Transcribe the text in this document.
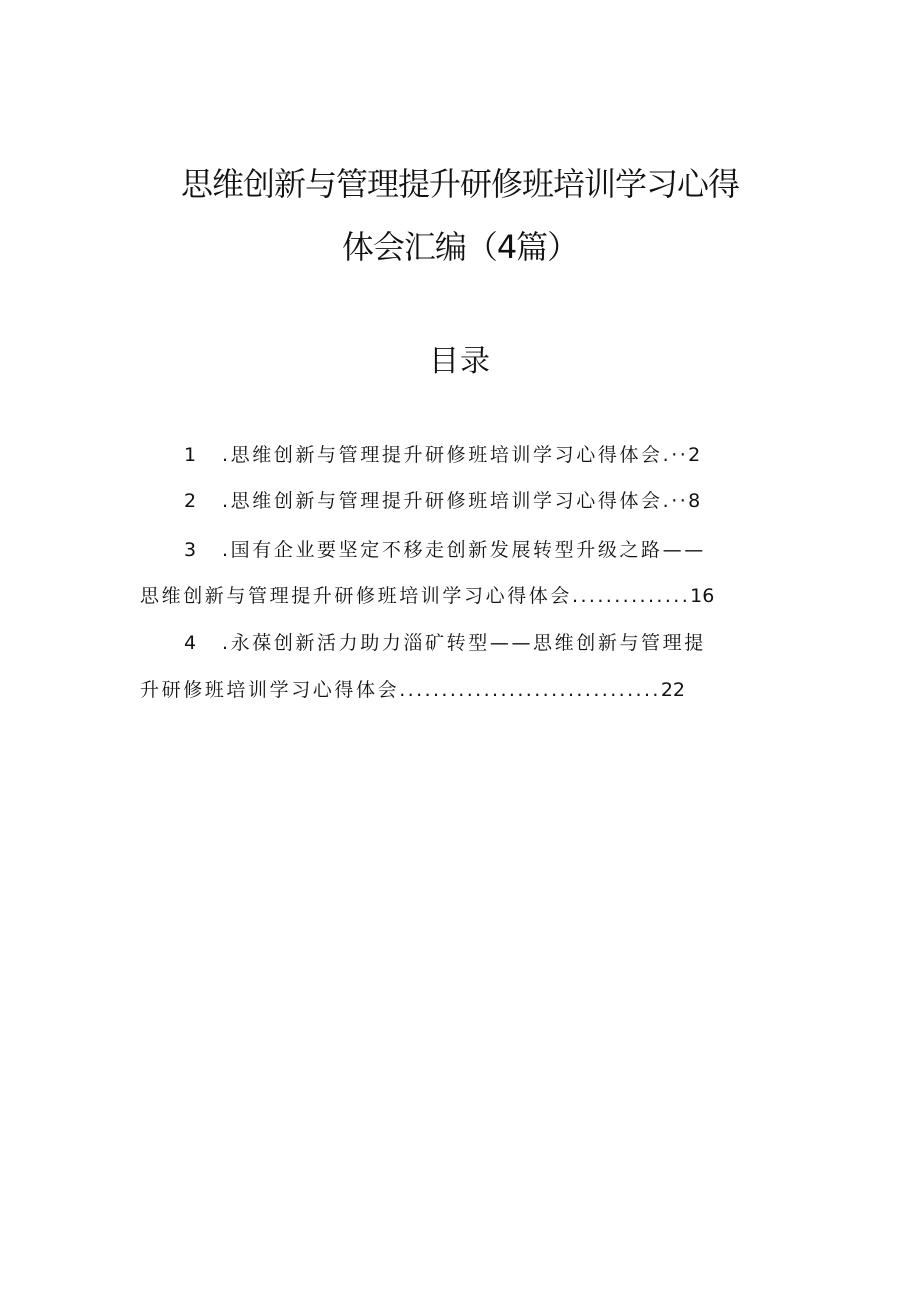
思维创新与管理提升研修班培训学习心得
体会汇编（4篇）
目录
1 .思维创新与管理提升研修班培训学习心得体会.··2
2 .思维创新与管理提升研修班培训学习心得体会.··8
3 .国有企业要坚定不移走创新发展转型升级之路——
思维创新与管理提升研修班培训学习心得体会..............16
4 .永葆创新活力助力淄矿转型——思维创新与管理提
升研修班培训学习心得体会...............................22
